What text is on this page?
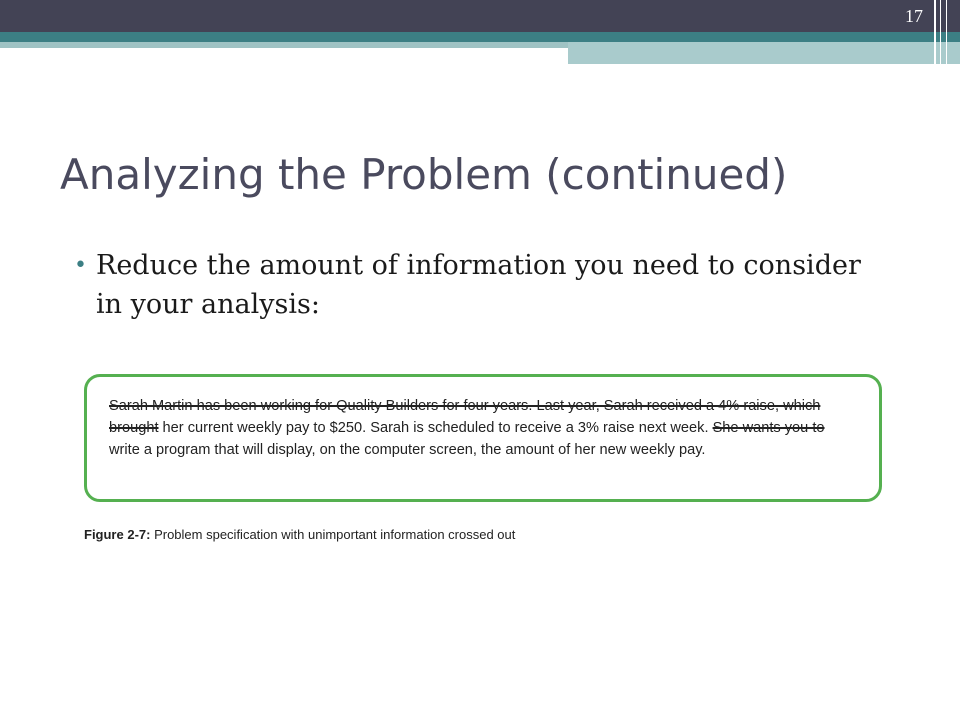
17
Analyzing the Problem (continued)
• Reduce the amount of information you need to consider in your analysis:

Sarah Martin has been working for Quality Builders for four years. Last year, Sarah received a 4% raise, which brought her current weekly pay to $250. Sarah is scheduled to receive a 3% raise next week. She wants you to write a program that will display, on the computer screen, the amount of her new weekly pay.

Figure 2-7: Problem specification with unimportant information crossed out
